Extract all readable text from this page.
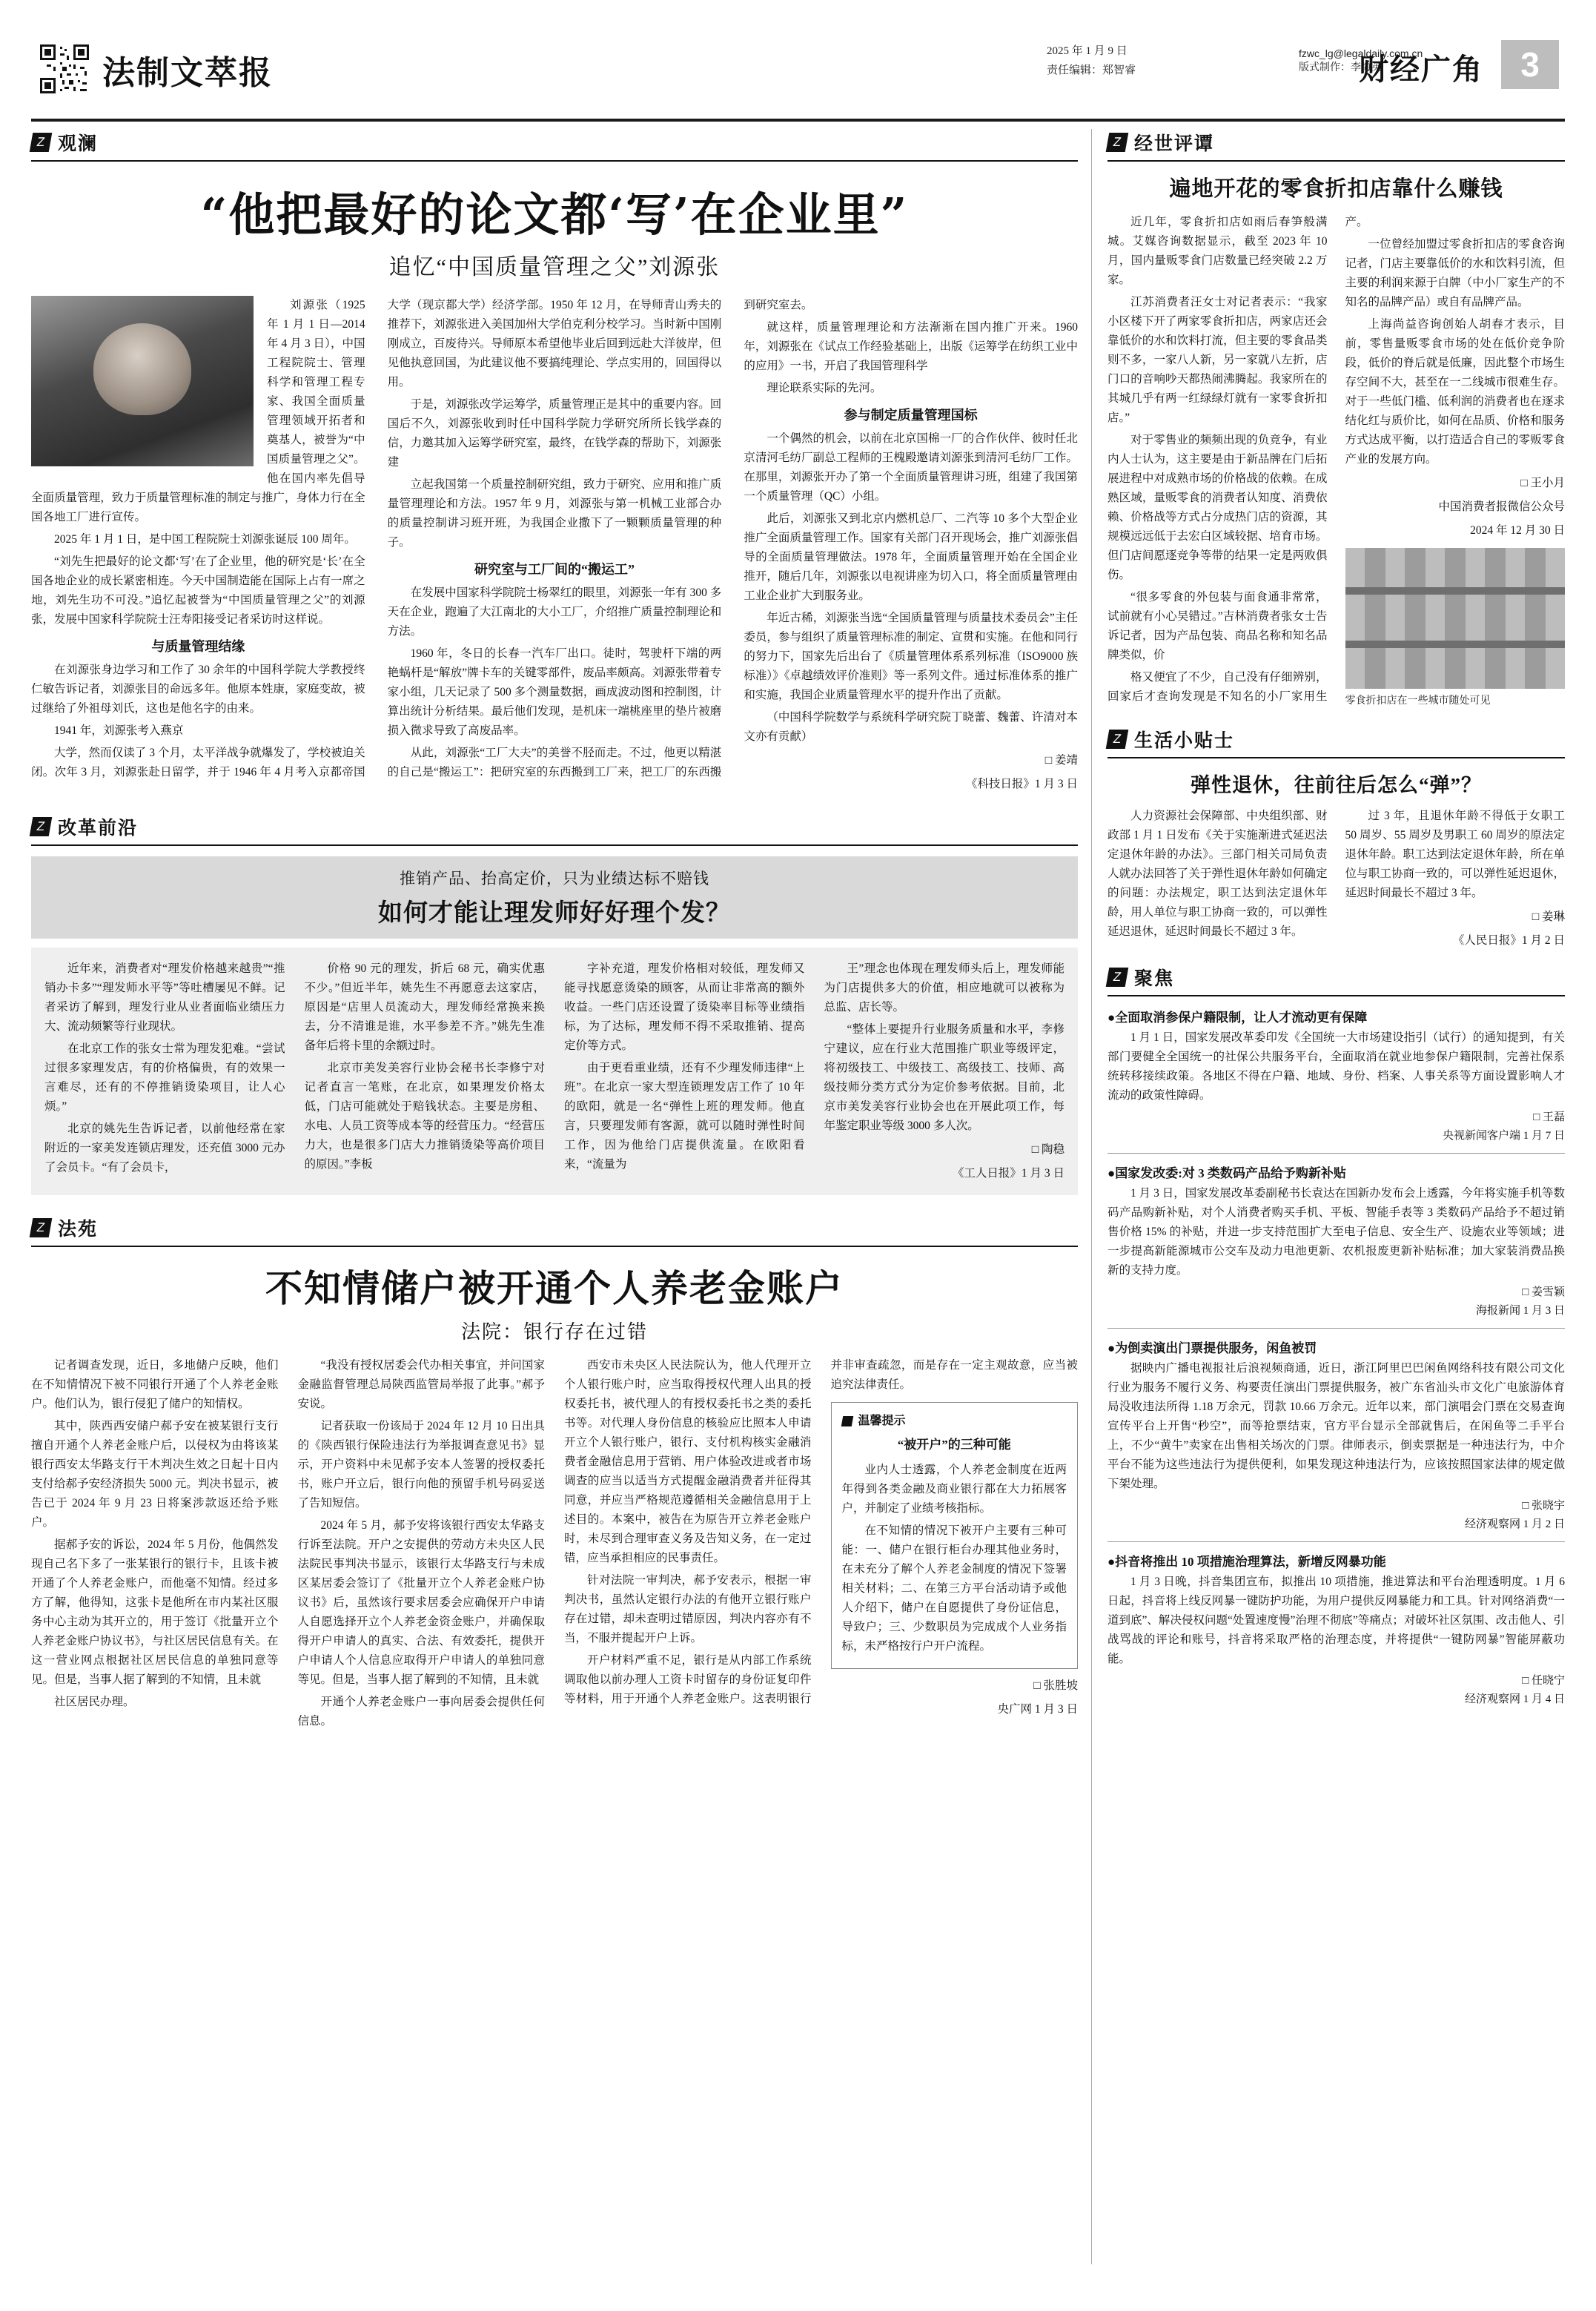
法制文萃报
2025 年 1 月 9 日
责任编辑：郑智睿
fzwc_lg@legaldaily.com.cn
版式制作：李海英
财经广角	3
Z 观澜
“他把最好的论文都‘写’在企业里”
追忆“中国质量管理之父”刘源张

刘源张（1925 年 1 月 1 日—2014 年 4 月 3 日），中国工程院院士、管理科学和管理工程专家、我国全面质量管理领域开拓者和奠基人，被誉为“中国质量管理之父”。他在国内率先倡导全面质量管理，致力于质量管理标准的制定与推广，身体力行在全国各地工厂进行宣传。

2025 年 1 月 1 日，是中国工程院院士刘源张诞辰 100 周年。

“刘先生把最好的论文都‘写’在了企业里，他的研究是‘长’在全国各地企业的成长紧密相连。今天中国制造能在国际上占有一席之地，刘先生功不可没。”追忆起被誉为“中国质量管理之父”的刘源张，发展中国家科学院院士汪寿阳接受记者采访时这样说。

与质量管理结缘

在刘源张身边学习和工作了 30 余年的中国科学院大学教授终仁敏告诉记者，刘源张目的命远多年。他原本姓康，家庭变故，被过继给了外祖母刘氏，这也是他名字的由来。

1941 年，刘源张考入燕京

大学，然而仅读了 3 个月，太平洋战争就爆发了，学校被迫关闭。次年 3 月，刘源张赴日留学，并于 1946 年 4 月考入京都帝国大学（现京都大学）经济学部。1950 年 12 月，在导师青山秀夫的推荐下，刘源张进入美国加州大学伯克利分校学习。当时新中国刚刚成立，百废待兴。导师原本希望他毕业后回到远赴大洋彼岸，但见他执意回国，为此建议他不要搞纯理论、学点实用的，回国得以用。

于是，刘源张改学运筹学，质量管理正是其中的重要内容。回国后不久，刘源张收到时任中国科学院力学研究所所长钱学森的信，力邀其加入运筹学研究室，最终，在钱学森的帮助下，刘源张建

立起我国第一个质量控制研究组，致力于研究、应用和推广质量管理理论和方法。1957 年 9 月，刘源张与第一机械工业部合办的质量控制讲习班开班，为我国企业撒下了一颗颗质量管理的种子。

研究室与工厂间的“搬运工”

在发展中国家科学院院士杨翠红的眼里，刘源张一年有 300 多天在企业，跑遍了大江南北的大小工厂，介绍推广质量控制理论和方法。

1960 年，冬日的长春一汽车厂出口。徒时，驾驶杆下端的两艳蜗杆是“解放”牌卡车的关键零部件，废品率颇高。刘源张带着专家小组，几天记录了 500 多个测量数据，画成波动图和控制图，计算出统计分析结果。最后他们发现，是机床一端桃座里的垫片被磨损入微求导致了高废品率。

从此，刘源张“工厂大夫”的美誉不胫而走。不过，他更以精湛的自己是“搬运工”：把研究室的东西搬到工厂来，把工厂的东西搬到研究室去。

就这样，质量管理理论和方法渐渐在国内推广开来。1960 年，刘源张在《试点工作经验基础上，出版《运筹学在纺织工业中的应用》一书，开启了我国管理科学

理论联系实际的先河。

参与制定质量管理国标

一个偶然的机会，以前在北京国棉一厂的合作伙伴、彼时任北京清河毛纺厂副总工程师的王槐殿邀请刘源张到清河毛纺厂工作。在那里，刘源张开办了第一个全面质量管理讲习班，组建了我国第一个质量管理（QC）小组。

此后，刘源张又到北京内燃机总厂、二汽等 10 多个大型企业推广全面质量管理工作。国家有关部门召开现场会，推广刘源张倡导的全面质量管理做法。1978 年，全面质量管理开始在全国企业推开，随后几年，刘源张以电视讲座为切入口，将全面质量管理由工业企业扩大到服务业。

年近古稀，刘源张当选“全国质量管理与质量技术委员会”主任委员，参与组织了质量管理标准的制定、宣贯和实施。在他和同行的努力下，国家先后出台了《质量管理体系系列标准（ISO9000 族标准）》《卓越绩效评价准则》等一系列文件。通过标准体系的推广和实施，我国企业质量管理水平的提升作出了贡献。

（中国科学院数学与系统科学研究院丁晓蕾、魏蕾、许清对本文亦有贡献）

□ 姜靖

《科技日报》1 月 3 日

Z 改革前沿
推销产品、抬高定价，只为业绩达标不赔钱
如何才能让理发师好好理个发？

近年来，消费者对“理发价格越来越贵”“推销办卡多”“理发师水平等”等吐槽屡见不鲜。记者采访了解到，理发行业从业者面临业绩压力大、流动频繁等行业现状。

在北京工作的张女士常为理发犯难。“尝试过很多家理发店，有的价格偏贵，有的效果一言难尽，还有的不停推销烫染项目，让人心烦。”

北京的姚先生告诉记者，以前他经常在家附近的一家美发连锁店理发，还充值 3000 元办了会员卡。“有了会员卡，

价格 90 元的理发，折后 68 元，确实优惠不少。”但近半年，姚先生不再愿意去这家店，原因是“店里人员流动大，理发师经常换来换去，分不清谁是谁，水平参差不齐。”姚先生准备年后将卡里的余额过时。

北京市美发美容行业协会秘书长李修宁对记者直言一笔账，在北京，如果理发价格太低，门店可能就处于赔钱状态。主要是房租、水电、人员工资等成本等的经营压力。“经营压力大，也是很多门店大力推销烫染等高价项目的原因。”李板

字补充道，理发价格相对较低，理发师又能寻找愿意烫染的顾客，从而让非常高的额外收益。一些门店还设置了烫染率目标等业绩指标，为了达标，理发师不得不采取推销、提高定价等方式。

由于更看重业绩，还有不少理发师违律“上班”。在北京一家大型连锁理发店工作了 10 年的欧阳，就是一名“弹性上班的理发师。他直言，只要理发师有客源，就可以随时弹性时间工作，因为他给门店提供流量。在欧阳看来，“流量为

王”理念也体现在理发师头后上，理发师能为门店提供多大的价值，相应地就可以被称为总监、店长等。

“整体上要提升行业服务质量和水平，李修宁建议，应在行业大范围推广职业等级评定，将初级技工、中级技工、高级技工、技师、高级技师分类方式分为定价参考依据。目前，北京市美发美容行业协会也在开展此项工作，每年鉴定职业等级 3000 多人次。

□ 陶稳

《工人日报》1 月 3 日

Z 法苑
不知情储户被开通个人养老金账户
法院：银行存在过错

记者调查发现，近日，多地储户反映，他们在不知情情况下被不同银行开通了个人养老金账户。他们认为，银行侵犯了储户的知情权。

其中，陕西西安储户郝予安在被某银行支行擅自开通个人养老金账户后，以侵权为由将该某银行西安太华路支行干木判决生效之日起十日内支付给郝予安经济损失 5000 元。判决书显示，被告已于 2024 年 9 月 23 日将案涉款返还给予账户。

据郝予安的诉讼，2024 年 5 月份，他偶然发现自己名下多了一张某银行的银行卡，且该卡被开通了个人养老金账户，而他毫不知情。经过多方了解，他得知，这张卡是他所在市内某社区服务中心主动为其开立的，用于签订《批量开立个人养老金账户协议书》，与社区居民信息有关。在这一营业网点根据社区居民信息的单独同意等见。但是，当事人据了解到的不知情，且未就

社区居民办理。

“我没有授权居委会代办相关事宜，并问国家金融监督管理总局陕西监管局举报了此事。”郝予安说。

记者获取一份该局于 2024 年 12 月 10 日出具的《陕西银行保险违法行为举报调查意见书》显示，开户资料中未见郝予安本人签署的授权委托书，账户开立后，银行向他的预留手机号码妥送了告知短信。

2024 年 5 月，郝予安将该银行西安太华路支行诉至法院。开户之安提供的劳动方未央区人民法院民事判决书显示，该银行太华路支行与未成区某居委会签订了《批量开立个人养老金账户协议书》后，虽然该行要求居委会应确保开户申请人自愿选择开立个人养老金资金账户，并确保取得开户申请人的真实、合法、有效委托，提供开户申请人个人信息应取得开户申请人的单独同意等见。但是，当事人据了解到的不知情，且未就

开通个人养老金账户一事向居委会提供任何信息。

西安市未央区人民法院认为，他人代理开立个人银行账户时，应当取得授权代理人出具的授权委托书，被代理人的有授权委托书之类的委托书等。对代理人身份信息的核验应比照本人申请开立个人银行账户，银行、支付机构核实金融消费者金融信息用于营销、用户体验改进或者市场调查的应当以适当方式提醒金融消费者并征得其同意，并应当严格规范遵循相关金融信息用于上述目的。本案中，被告在为原告开立养老金账户时，未尽到合理审查义务及告知义务，在一定过错，应当承担相应的民事责任。

针对法院一审判决，郝予安表示，根据一审判决书，虽然认定银行办法的有他开立银行账户存在过错，却未查明过错原因，判决内容亦有不当，不服并提起开户上诉。

开户材料严重不足，银行是从内部工作系统调取他以前办理人工资卡时留存的身份证复印件等材料，用于开通个人养老金账户。这表明银行并非审查疏忽，而是存在一定主观故意，应当被追究法律责任。

温馨提示
“被开户”的三种可能

业内人士透露，个人养老金制度在近两年得到各类金融及商业银行都在大力拓展客户，并制定了业绩考核指标。

在不知情的情况下被开户主要有三种可能：一、储户在银行柜台办理其他业务时，在未充分了解个人养老金制度的情况下签署相关材料；二、在第三方平台活动请予或他人介绍下，储户在自愿提供了身份证信息，导致户；三、少数职员为完成成个人业务指标，未严格按行户开户流程。

□ 张胜坡

央广网 1 月 3 日

Z 经世评谭
遍地开花的零食折扣店靠什么赚钱

近几年，零食折扣店如雨后春笋般满城。艾媒咨询数据显示，截至 2023 年 10 月，国内量贩零食门店数量已经突破 2.2 万家。

江苏消费者汪女士对记者表示：“我家小区楼下开了两家零食折扣店，两家店还会靠低价的水和饮料打流，但主要的零食品类则不多，一家八人新，另一家就八左折，店门口的音响吵天都热闹沸腾起。我家所在的其城几乎有两一红绿绿灯就有一家零食折扣店。”

对于零售业的频频出现的负竞争，有业内人士认为，这主要是由于新品牌在门后拓展进程中对成熟市场的价格战的依赖。在成熟区域，量贩零食的消费者认知度、消费依赖、价格战等方式占分成热门店的资源，其规模远远低于去宏白区域较据、培育市场。但门店间愿逐竞争等带的结果一定是两败俱伤。

“很多零食的外包装与面食通非常常，试前就有小心吴错过。”吉林消费者张女士告诉记者，因为产品包装、商品名称和知名品牌类似，价

格又便宜了不少，自己没有仔细辨别，回家后才查询发现是不知名的小厂家用生产。

一位曾经加盟过零食折扣店的零食咨询记者，门店主要靠低价的水和饮料引流，但主要的利润来源于白牌（中小厂家生产的不知名的品牌产品）或自有品牌产品。

上海尚益咨询创始人胡春才表示，目前，零售量贩零食市场的处在低价竞争阶段，低价的脊后就是低廉，因此整个市场生存空间不大，甚至在一二线城市很难生存。对于一些低门槛、低利润的消费者也在逐求结化红与质价比，如何在品质、价格和服务方式达成平衡，以打造适合自己的零贩零食产业的发展方向。

□ 王小月

中国消费者报微信公众号

2024 年 12 月 30 日

零食折扣店在一些城市随处可见

Z 生活小贴士
弹性退休，往前往后怎么“弹”？

人力资源社会保障部、中央组织部、财政部 1 月 1 日发布《关于实施渐进式延迟法定退休年龄的办法》。三部门相关司局负责人就办法回答了关于弹性退休年龄如何确定的问题：办法规定，职工达到法定退休年龄，用人单位与职工协商一致的，可以弹性延迟退休，延迟时间最长不超过 3 年。

过 3 年，且退休年龄不得低于女职工 50 周岁、55 周岁及男职工 60 周岁的原法定退休年龄。职工达到法定退休年龄，所在单位与职工协商一致的，可以弹性延迟退休，延迟时间最长不超过 3 年。

□ 姜琳

《人民日报》1 月 2 日

Z 聚焦
●全面取消参保户籍限制，让人才流动更有保障

1 月 1 日，国家发展改革委印发《全国统一大市场建设指引（试行）的通知提到，有关部门要健全全国统一的社保公共服务平台，全面取消在就业地参保户籍限制，完善社保系统转移接续政策。各地区不得在户籍、地域、身份、档案、人事关系等方面设置影响人才流动的政策性障碍。

□ 王磊

央视新闻客户端 1 月 7 日

●国家发改委:对 3 类数码产品给予购新补贴

1 月 3 日，国家发展改革委副秘书长袁达在国新办发布会上透露，今年将实施手机等数码产品购新补贴，对个人消费者购买手机、平板、智能手表等 3 类数码产品给予不超过销售价格 15% 的补贴，并进一步支持范围扩大至电子信息、安全生产、设施农业等领域；进一步提高新能源城市公交车及动力电池更新、农机报废更新补贴标准；加大家装消费品换新的支持力度。

□ 姜雪颖

海报新闻 1 月 3 日

●为倒卖演出门票提供服务，闲鱼被罚

据映内广播电视报社后浪视频商通，近日，浙江阿里巴巴闲鱼网络科技有限公司文化行业为服务不履行义务、构要责任演出门票提供服务，被广东省汕头市文化广电旅游体育局没收违法所得 1.18 万余元，罚款 10.66 万余元。近年以来，部门演唱会门票在交易查询宣传平台上开售“秒空”，而等抢票结束，官方平台显示全部就售后，在闲鱼等二手平台上，不少“黄牛”卖家在出售相关场次的门票。律师表示，倒卖票据是一种违法行为，中介平台不能为这些违法行为提供便利，如果发现这种违法行为，应该按照国家法律的规定做下架处理。

□ 张晓宇

经济观察网 1 月 2 日

●抖音将推出 10 项措施治理算法，新增反网暴功能

1 月 3 日晚，抖音集团宣布，拟推出 10 项措施，推进算法和平台治理透明度。1 月 6 日起，抖音将上线反网暴一键防护功能，为用户提供反网暴能力和工具。针对网络消费“一道到底”、解决侵权问题“处置速度慢”治理不彻底”等痛点；对破坏社区氛围、改击他人、引战骂战的评论和账号，抖音将采取严格的治理态度，并将提供“一键防网暴”智能屏蔽功能。

□ 任晓宁

经济观察网 1 月 4 日
